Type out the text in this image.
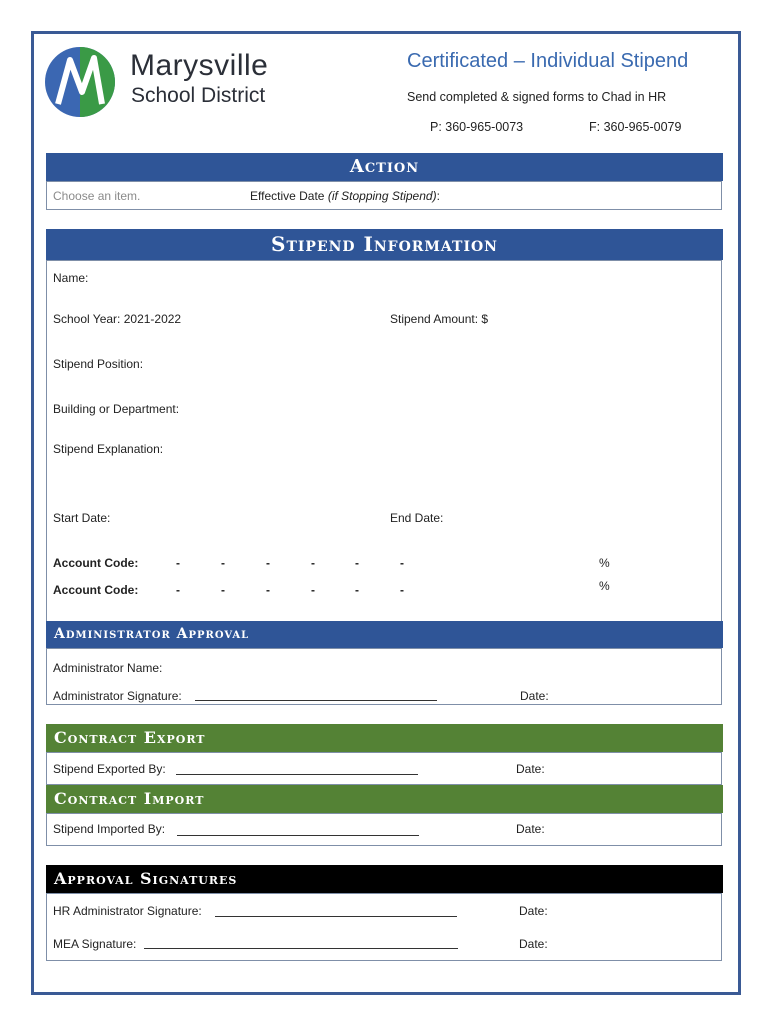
Marysville
School District
Certificated – Individual Stipend
Send completed & signed forms to Chad in HR
P: 360-965-0073	F: 360-965-0079
Action
Choose an item.	Effective Date (if Stopping Stipend):
Stipend Information
Name:
School Year: 2021-2022	Stipend Amount: $
Stipend Position:
Building or Department:
Stipend Explanation:
Start Date:	End Date:
Account Code:	-	-	-	-	-	-	%
Account Code:	-	-	-	-	-	-	%
Administrator Approval
Administrator Name:
Administrator Signature:	Date:
Contract Export
Stipend Exported By:	Date:
Contract Import
Stipend Imported By:	Date:
Approval Signatures
HR Administrator Signature:	Date:
MEA Signature:	Date:
